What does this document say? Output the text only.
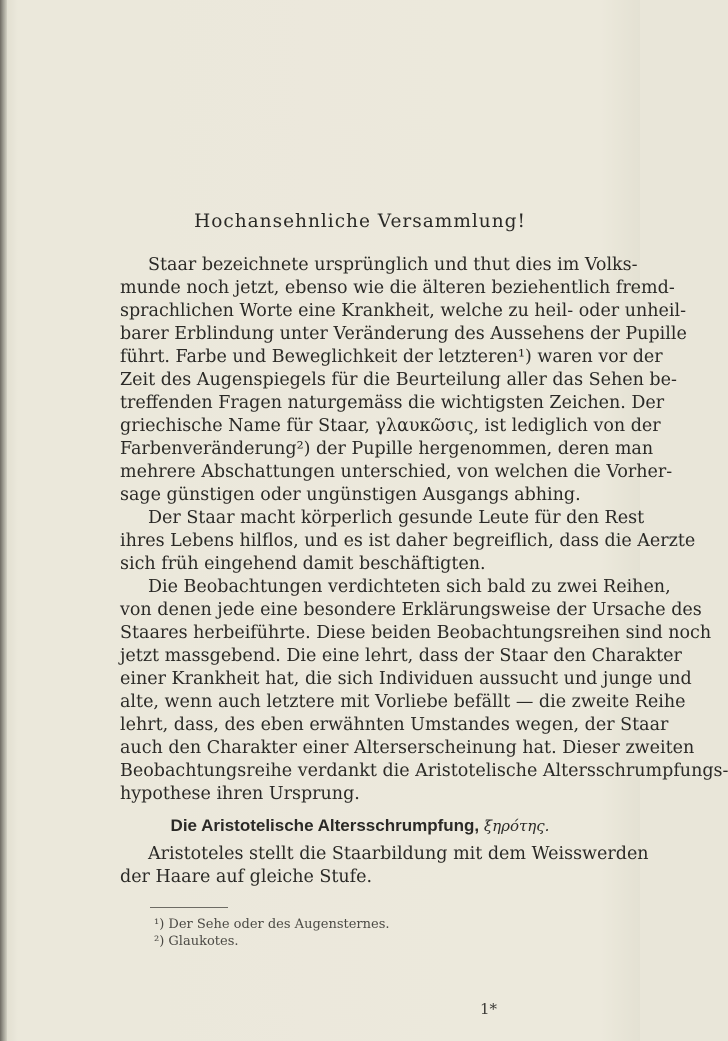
Hochansehnliche Versammlung!

Staar bezeichnete ursprünglich und thut dies im Volks-
munde noch jetzt, ebenso wie die älteren beziehentlich fremd-
sprachlichen Worte eine Krankheit, welche zu heil- oder unheil-
barer Erblindung unter Veränderung des Aussehens der Pupille
führt. Farbe und Beweglichkeit der letzteren¹) waren vor der
Zeit des Augenspiegels für die Beurteilung aller das Sehen be-
treffenden Fragen naturgemäss die wichtigsten Zeichen. Der
griechische Name für Staar, γλαυκῶσις, ist lediglich von der
Farbenveränderung²) der Pupille hergenommen, deren man
mehrere Abschattungen unterschied, von welchen die Vorher-
sage günstigen oder ungünstigen Ausgangs abhing.

Der Staar macht körperlich gesunde Leute für den Rest
ihres Lebens hilflos, und es ist daher begreiflich, dass die Aerzte
sich früh eingehend damit beschäftigten.

Die Beobachtungen verdichteten sich bald zu zwei Reihen,
von denen jede eine besondere Erklärungsweise der Ursache des
Staares herbeiführte. Diese beiden Beobachtungsreihen sind noch
jetzt massgebend. Die eine lehrt, dass der Staar den Charakter
einer Krankheit hat, die sich Individuen aussucht und junge und
alte, wenn auch letztere mit Vorliebe befällt — die zweite Reihe
lehrt, dass, des eben erwähnten Umstandes wegen, der Staar
auch den Charakter einer Alterserscheinung hat. Dieser zweiten
Beobachtungsreihe verdankt die Aristotelische Altersschrumpfungs-
hypothese ihren Ursprung.

Die Aristotelische Altersschrumpfung, ξηρότης.

Aristoteles stellt die Staarbildung mit dem Weisswerden
der Haare auf gleiche Stufe.

¹) Der Sehe oder des Augensternes.
²) Glaukotes.
1*
